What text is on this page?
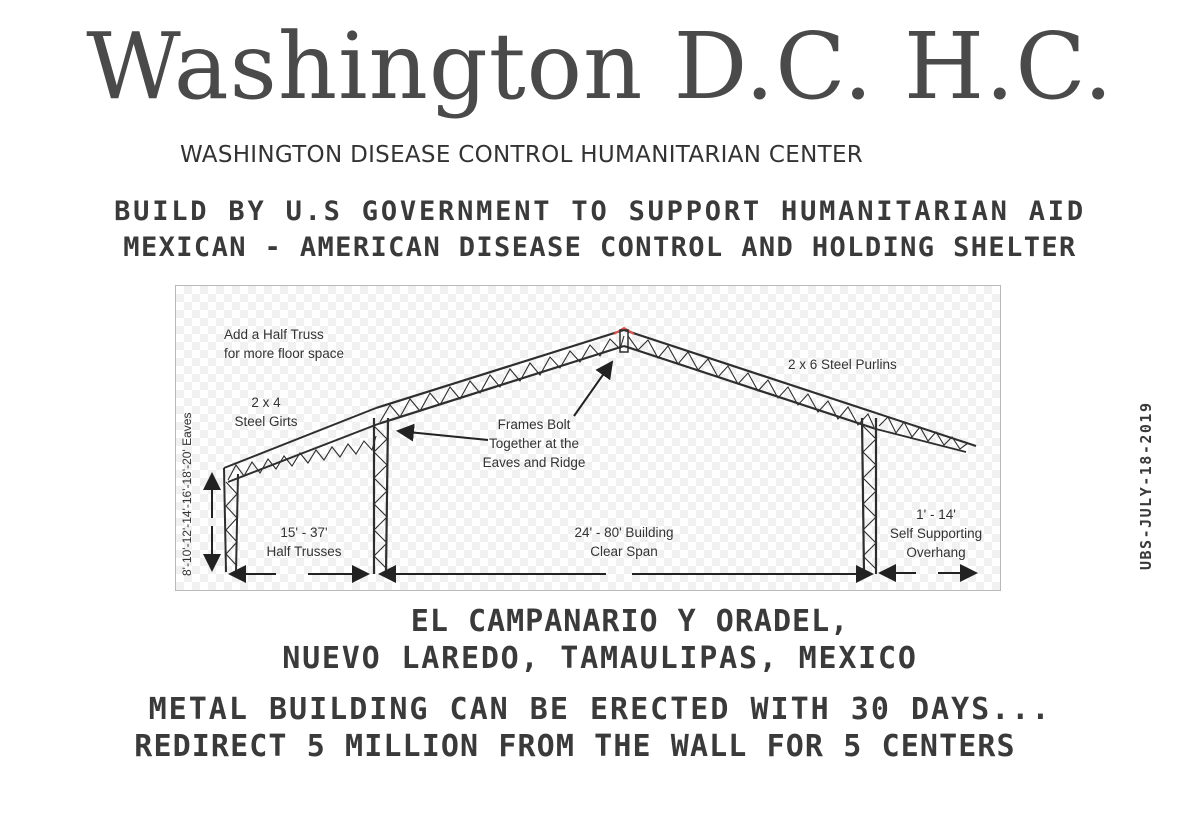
Washington D.C. H.C.
WASHINGTON DISEASE CONTROL HUMANITARIAN CENTER
BUILD BY U.S GOVERNMENT TO SUPPORT HUMANITARIAN AID
MEXICAN - AMERICAN DISEASE CONTROL AND HOLDING SHELTER
Add a Half Truss
for more floor space
2 x 4
Steel Girts	Frames Bolt
Together at the
Eaves and Ridge
2 x 6 Steel Purlins
15' - 37'
Half Trusses
24' - 80' Building
Clear Span
1' - 14'
Self Supporting
Overhang
8'-10'-12'-14'-16'-18'-20' Eaves	UBS-JULY-18-2019
EL CAMPANARIO Y ORADEL,
NUEVO LAREDO, TAMAULIPAS, MEXICO
METAL BUILDING CAN BE ERECTED WITH 30 DAYS...
REDIRECT 5 MILLION FROM THE WALL FOR 5 CENTERS
